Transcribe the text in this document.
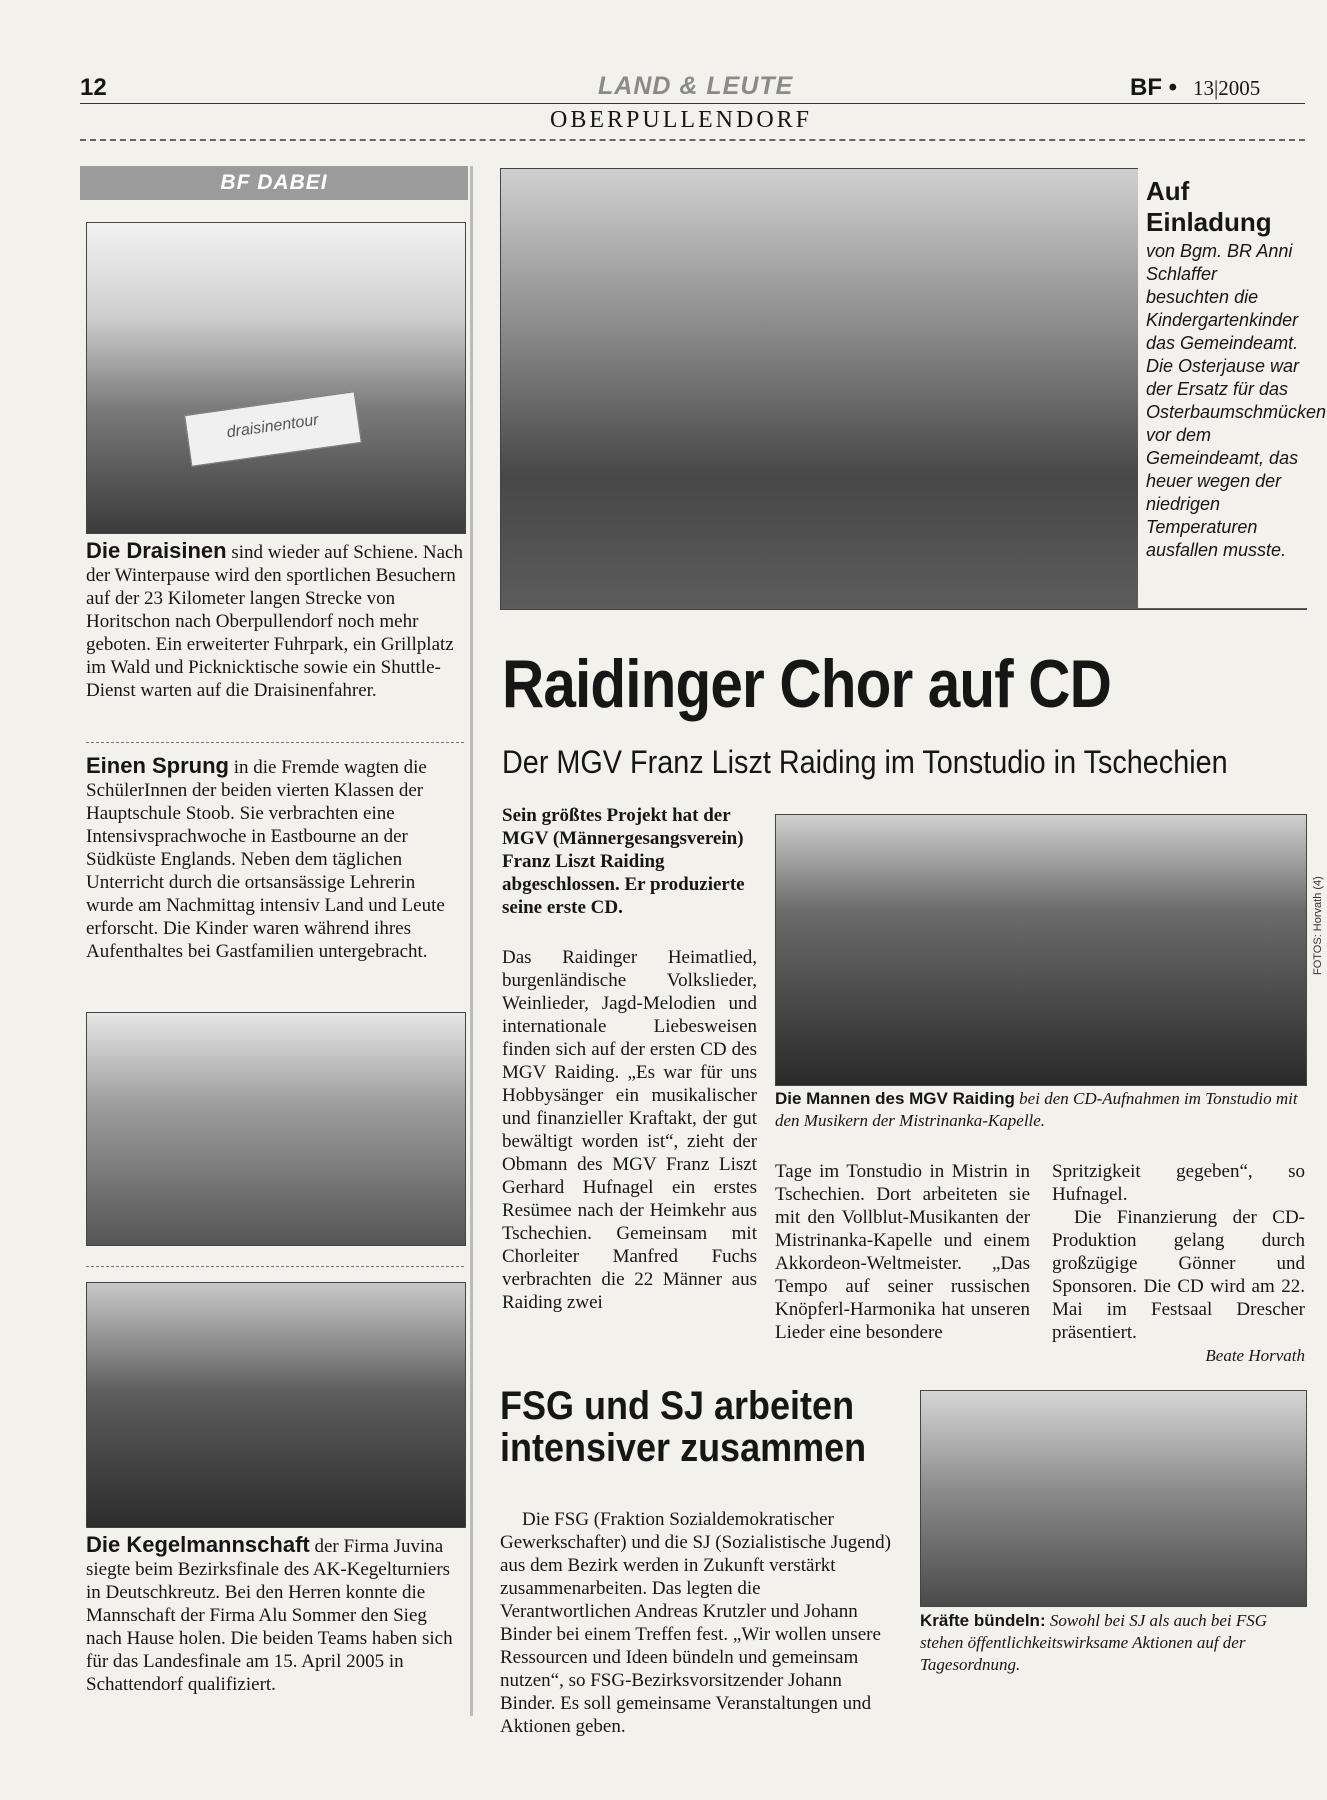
12	LAND & LEUTE	BF • 13|2005
OBERPULLENDORF
BF DABEI
draisinentour
Die Draisinen sind wieder auf Schiene. Nach der Winterpause wird den sportlichen Besuchern auf der 23 Kilometer langen Strecke von Horitschon nach Oberpullendorf noch mehr geboten. Ein erweiterter Fuhrpark, ein Grillplatz im Wald und Picknicktische sowie ein Shuttle-Dienst warten auf die Draisinenfahrer.
Einen Sprung in die Fremde wagten die SchülerInnen der beiden vierten Klassen der Hauptschule Stoob. Sie verbrachten eine Intensivsprachwoche in Eastbourne an der Südküste Englands. Neben dem täglichen Unterricht durch die ortsansässige Lehrerin wurde am Nachmittag intensiv Land und Leute erforscht. Die Kinder waren während ihres Aufenthaltes bei Gastfamilien untergebracht.
Die Kegelmannschaft der Firma Juvina siegte beim Bezirksfinale des AK-Kegelturniers in Deutschkreutz. Bei den Herren konnte die Mannschaft der Firma Alu Sommer den Sieg nach Hause holen. Die beiden Teams haben sich für das Landesfinale am 15. April 2005 in Schattendorf qualifiziert.
Auf Einladung
von Bgm. BR Anni Schlaffer besuchten die Kindergartenkinder das Gemeindeamt. Die Osterjause war der Ersatz für das Osterbaumschmücken vor dem Gemeindeamt, das heuer wegen der niedrigen Temperaturen ausfallen musste.
Raidinger Chor auf CD
Der MGV Franz Liszt Raiding im Tonstudio in Tschechien
Sein größtes Projekt hat der MGV (Männergesangsverein) Franz Liszt Raiding abgeschlossen. Er produzierte seine erste CD.
Das Raidinger Heimatlied, burgenländische Volkslieder, Weinlieder, Jagd-Melodien und internationale Liebesweisen finden sich auf der ersten CD des MGV Raiding. „Es war für uns Hobbysänger ein musikalischer und finanzieller Kraftakt, der gut bewältigt worden ist“, zieht der Obmann des MGV Franz Liszt Gerhard Hufnagel ein erstes Resümee nach der Heimkehr aus Tschechien. Gemeinsam mit Chorleiter Manfred Fuchs verbrachten die 22 Männer aus Raiding zwei
FOTOS: Horvath (4)
Die Mannen des MGV Raiding bei den CD-Aufnahmen im Tonstudio mit den Musikern der Mistrinanka-Kapelle.
Tage im Tonstudio in Mistrin in Tschechien. Dort arbeiteten sie mit den Vollblut-Musikanten der Mistrinanka-Kapelle und einem Akkordeon-Weltmeister. „Das Tempo auf seiner russischen Knöpferl-Harmonika hat unseren Lieder eine besondere
Spritzigkeit gegeben“, so Hufnagel.
Die Finanzierung der CD-Produktion gelang durch großzügige Gönner und Sponsoren. Die CD wird am 22. Mai im Festsaal Drescher präsentiert.
Beate Horvath
FSG und SJ arbeiten
intensiver zusammen
Die FSG (Fraktion Sozialdemokratischer Gewerkschafter) und die SJ (Sozialistische Jugend) aus dem Bezirk werden in Zukunft verstärkt zusammenarbeiten. Das legten die Verantwortlichen Andreas Krutzler und Johann Binder bei einem Treffen fest. „Wir wollen unsere Ressourcen und Ideen bündeln und gemeinsam nutzen“, so FSG-Bezirksvorsitzender Johann Binder. Es soll gemeinsame Veranstaltungen und Aktionen geben.
Kräfte bündeln: Sowohl bei SJ als auch bei FSG stehen öffentlichkeitswirksame Aktionen auf der Tagesordnung.
